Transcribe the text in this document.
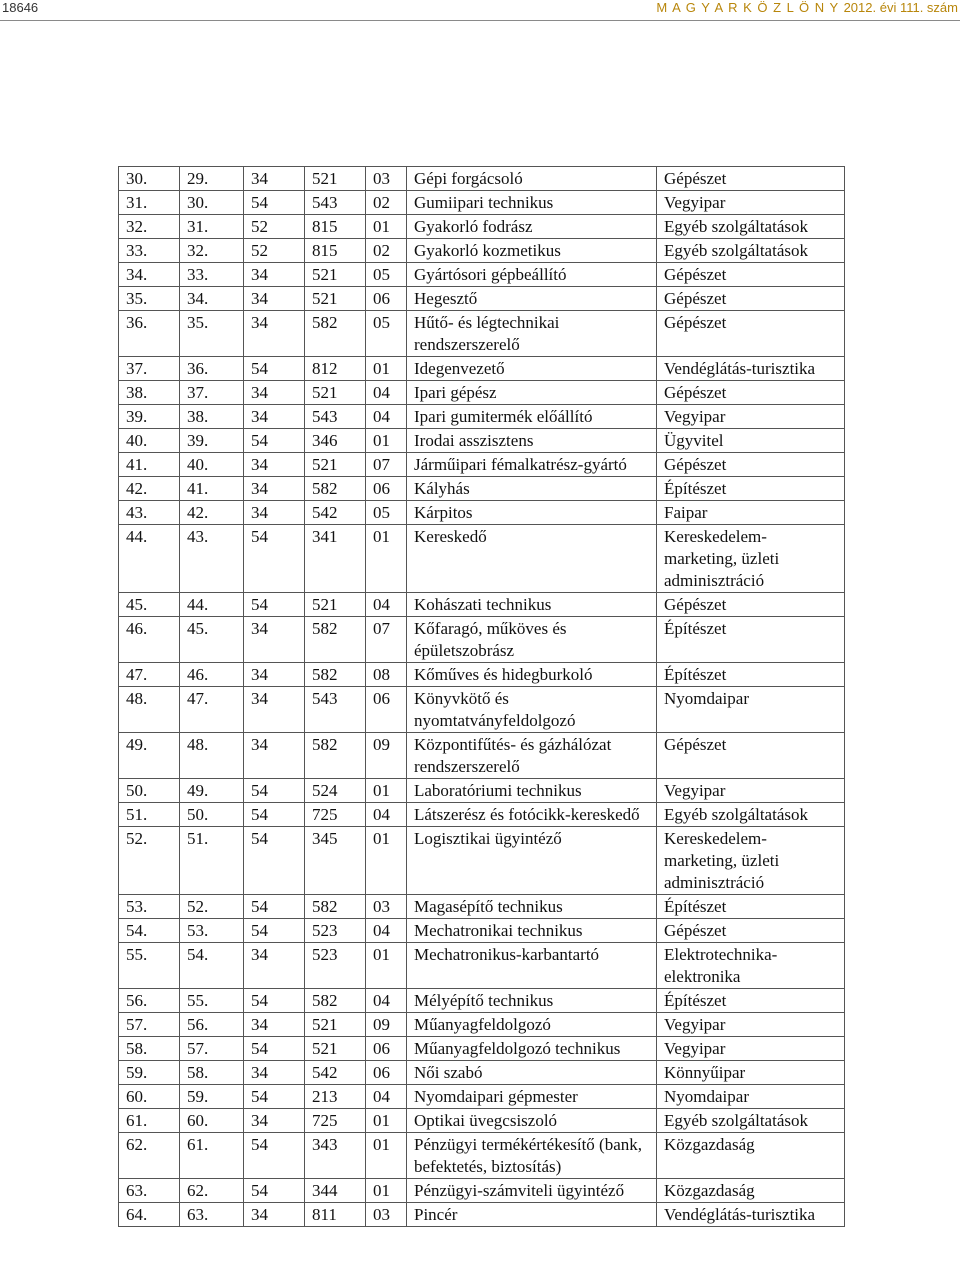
18646	M A G Y A R K Ö Z L Ö N Y 2012. évi 111. szám
30.	29.	34	521	03	Gépi forgácsoló	Gépészet
31.	30.	54	543	02	Gumiipari technikus	Vegyipar
32.	31.	52	815	01	Gyakorló fodrász	Egyéb szolgáltatások
33.	32.	52	815	02	Gyakorló kozmetikus	Egyéb szolgáltatások
34.	33.	34	521	05	Gyártósori gépbeállító	Gépészet
35.	34.	34	521	06	Hegesztő	Gépészet
36.	35.	34	582	05	Hűtő- és légtechnikai rendszerszerelő	Gépészet
37.	36.	54	812	01	Idegenvezető	Vendéglátás-turisztika
38.	37.	34	521	04	Ipari gépész	Gépészet
39.	38.	34	543	04	Ipari gumitermék előállító	Vegyipar
40.	39.	54	346	01	Irodai asszisztens	Ügyvitel
41.	40.	34	521	07	Járműipari fémalkatrész-gyártó	Gépészet
42.	41.	34	582	06	Kályhás	Építészet
43.	42.	34	542	05	Kárpitos	Faipar
44.	43.	54	341	01	Kereskedő	Kereskedelem-marketing, üzleti adminisztráció
45.	44.	54	521	04	Kohászati technikus	Gépészet
46.	45.	34	582	07	Kőfaragó, műköves és épületszobrász	Építészet
47.	46.	34	582	08	Kőműves és hidegburkoló	Építészet
48.	47.	34	543	06	Könyvkötő és nyomtatványfeldolgozó	Nyomdaipar
49.	48.	34	582	09	Központifűtés- és gázhálózat rendszerszerelő	Gépészet
50.	49.	54	524	01	Laboratóriumi technikus	Vegyipar
51.	50.	54	725	04	Látszerész és fotócikk-kereskedő	Egyéb szolgáltatások
52.	51.	54	345	01	Logisztikai ügyintéző	Kereskedelem-marketing, üzleti adminisztráció
53.	52.	54	582	03	Magasépítő technikus	Építészet
54.	53.	54	523	04	Mechatronikai technikus	Gépészet
55.	54.	34	523	01	Mechatronikus-karbantartó	Elektrotechnika-elektronika
56.	55.	54	582	04	Mélyépítő technikus	Építészet
57.	56.	34	521	09	Műanyagfeldolgozó	Vegyipar
58.	57.	54	521	06	Műanyagfeldolgozó technikus	Vegyipar
59.	58.	34	542	06	Női szabó	Könnyűipar
60.	59.	54	213	04	Nyomdaipari gépmester	Nyomdaipar
61.	60.	34	725	01	Optikai üvegcsiszoló	Egyéb szolgáltatások
62.	61.	54	343	01	Pénzügyi termékértékesítő (bank, befektetés, biztosítás)	Közgazdaság
63.	62.	54	344	01	Pénzügyi-számviteli ügyintéző	Közgazdaság
64.	63.	34	811	03	Pincér	Vendéglátás-turisztika
